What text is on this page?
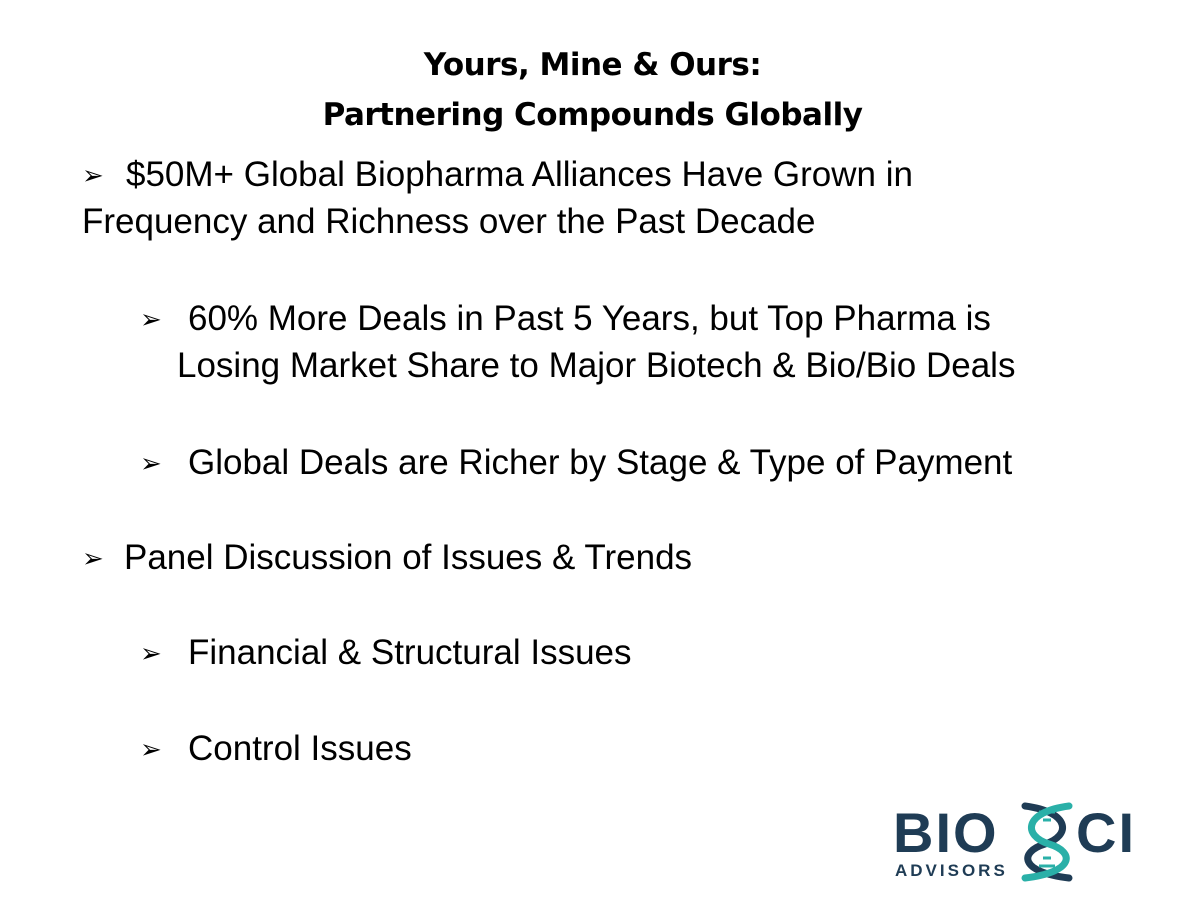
Yours, Mine & Ours:
Partnering Compounds Globally
➢ $50M+ Global Biopharma Alliances Have Grown in
Frequency and Richness over the Past Decade
➢ 60% More Deals in Past 5 Years, but Top Pharma is
Losing Market Share to Major Biotech & Bio/Bio Deals
➢ Global Deals are Richer by Stage & Type of Payment
➢ Panel Discussion of Issues & Trends
➢ Financial & Structural Issues
➢ Control Issues
BIO CI
ADVISORS
